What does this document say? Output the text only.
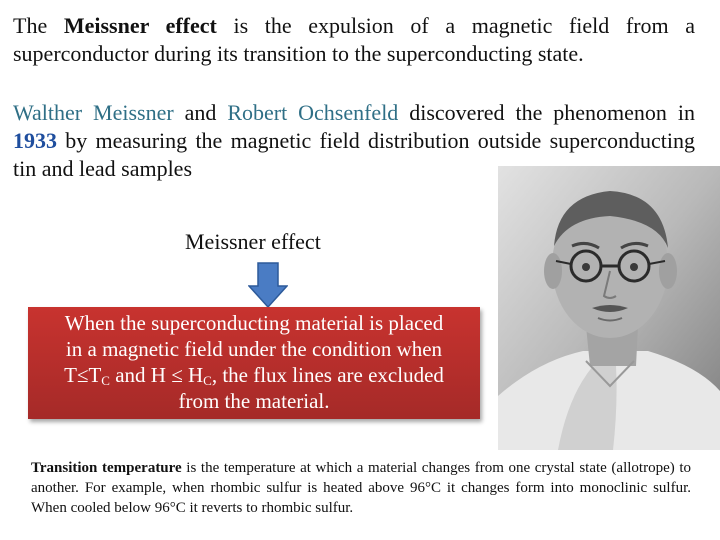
The Meissner effect is the expulsion of a magnetic field from a superconductor during its transition to the superconducting state.

Walther Meissner and Robert Ochsenfeld discovered the phenomenon in 1933 by measuring the magnetic field distribution outside superconducting tin and lead samples

Meissner effect
When the superconducting material is placed
in a magnetic field under the condition when
$T\le T_C$ and $H \le H_C$, the flux lines are excluded
from the material.

Transition temperature is the temperature at which a material changes from one crystal state (allotrope) to another. For example, when rhombic sulfur is heated above 96°C it changes form into monoclinic sulfur. When cooled below 96°C it reverts to rhombic sulfur.
